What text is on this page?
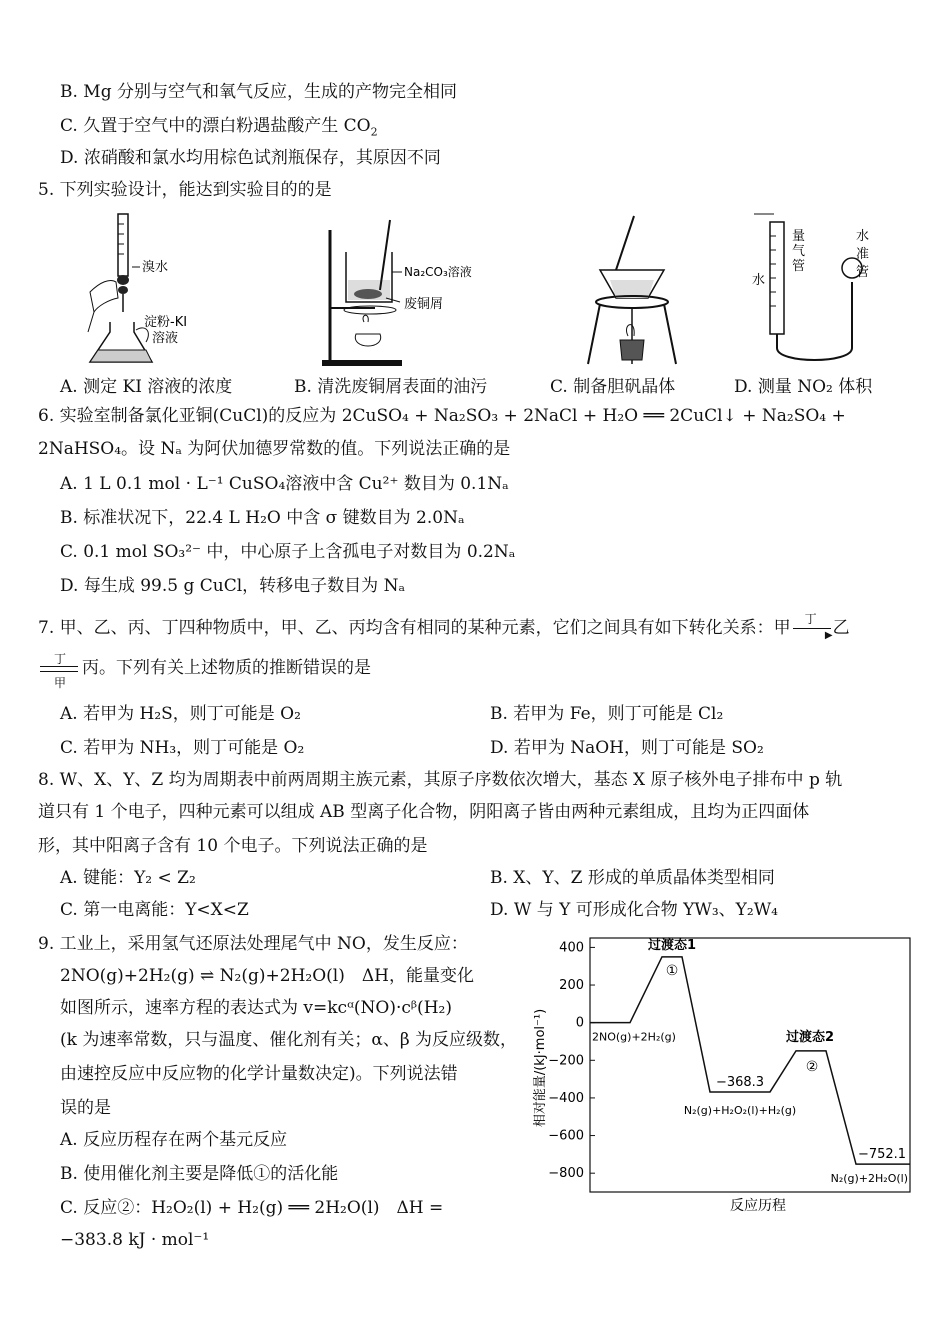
B. Mg 分别与空气和氧气反应，生成的产物完全相同
C. 久置于空气中的漂白粉遇盐酸产生 $CO_2$
D. 浓硝酸和氯水均用棕色试剂瓶保存，其原因不同
5. 下列实验设计，能达到实验目的的是
溴水
淀粉-KI
溶液
Na₂CO₃溶液
废铜屑
量
气
管
水
水
准
管
A. 测定 KI 溶液的浓度	B. 清洗废铜屑表面的油污	C. 制备胆矾晶体	D. 测量 NO₂ 体积
6. 实验室制备氯化亚铜(CuCl)的反应为 2CuSO₄ + Na₂SO₃ + 2NaCl + H₂O ══ 2CuCl↓ + Na₂SO₄ +
2NaHSO₄。设 Nₐ 为阿伏加德罗常数的值。下列说法正确的是
A. 1 L 0.1 mol · L⁻¹ CuSO₄溶液中含 Cu²⁺ 数目为 0.1Nₐ
B. 标准状况下，22.4 L H₂O 中含 σ 键数目为 2.0Nₐ
C. 0.1 mol SO₃²⁻ 中，中心原子上含孤电子对数目为 0.2Nₐ
D. 每生成 99.5 g CuCl，转移电子数目为 Nₐ
7. 甲、乙、丙、丁四种物质中，甲、乙、丙均含有相同的某种元素，它们之间具有如下转化关系：甲 丁
▶ 乙
丁
甲
丙。下列有关上述物质的推断错误的是
A. 若甲为 H₂S，则丁可能是 O₂	B. 若甲为 Fe，则丁可能是 Cl₂
C. 若甲为 NH₃，则丁可能是 O₂	D. 若甲为 NaOH，则丁可能是 SO₂
8. W、X、Y、Z 均为周期表中前两周期主族元素，其原子序数依次增大，基态 X 原子核外电子排布中 p 轨
道只有 1 个电子，四种元素可以组成 AB 型离子化合物，阴阳离子皆由两种元素组成，且均为正四面体
形，其中阳离子含有 10 个电子。下列说法正确的是
A. 键能：Y₂ < Z₂	B. X、Y、Z 形成的单质晶体类型相同
C. 第一电离能：Y<X<Z	D. W 与 Y 可形成化合物 YW₃、Y₂W₄
9. 工业上，采用氢气还原法处理尾气中 NO，发生反应：
2NO(g)+2H₂(g) ⇌ N₂(g)+2H₂O(l)　ΔH，能量变化
如图所示，速率方程的表达式为 v=kcᵅ(NO)·cᵝ(H₂)
(k 为速率常数，只与温度、催化剂有关；α、β 为反应级数，
由速控反应中反应物的化学计量数决定)。下列说法错
误的是
A. 反应历程存在两个基元反应
B. 使用催化剂主要是降低①的活化能
C. 反应②：H₂O₂(l) + H₂(g) ══ 2H₂O(l)　ΔH =
−383.8 kJ · mol⁻¹
相对能量/(kJ·mol⁻¹)
反应历程
400
200
0
−200
−400
−600
−800
过渡态1
①
过渡态2
②
−368.3
−752.1
2NO(g)+2H₂(g)
N₂(g)+H₂O₂(l)+H₂(g)
N₂(g)+2H₂O(l)
